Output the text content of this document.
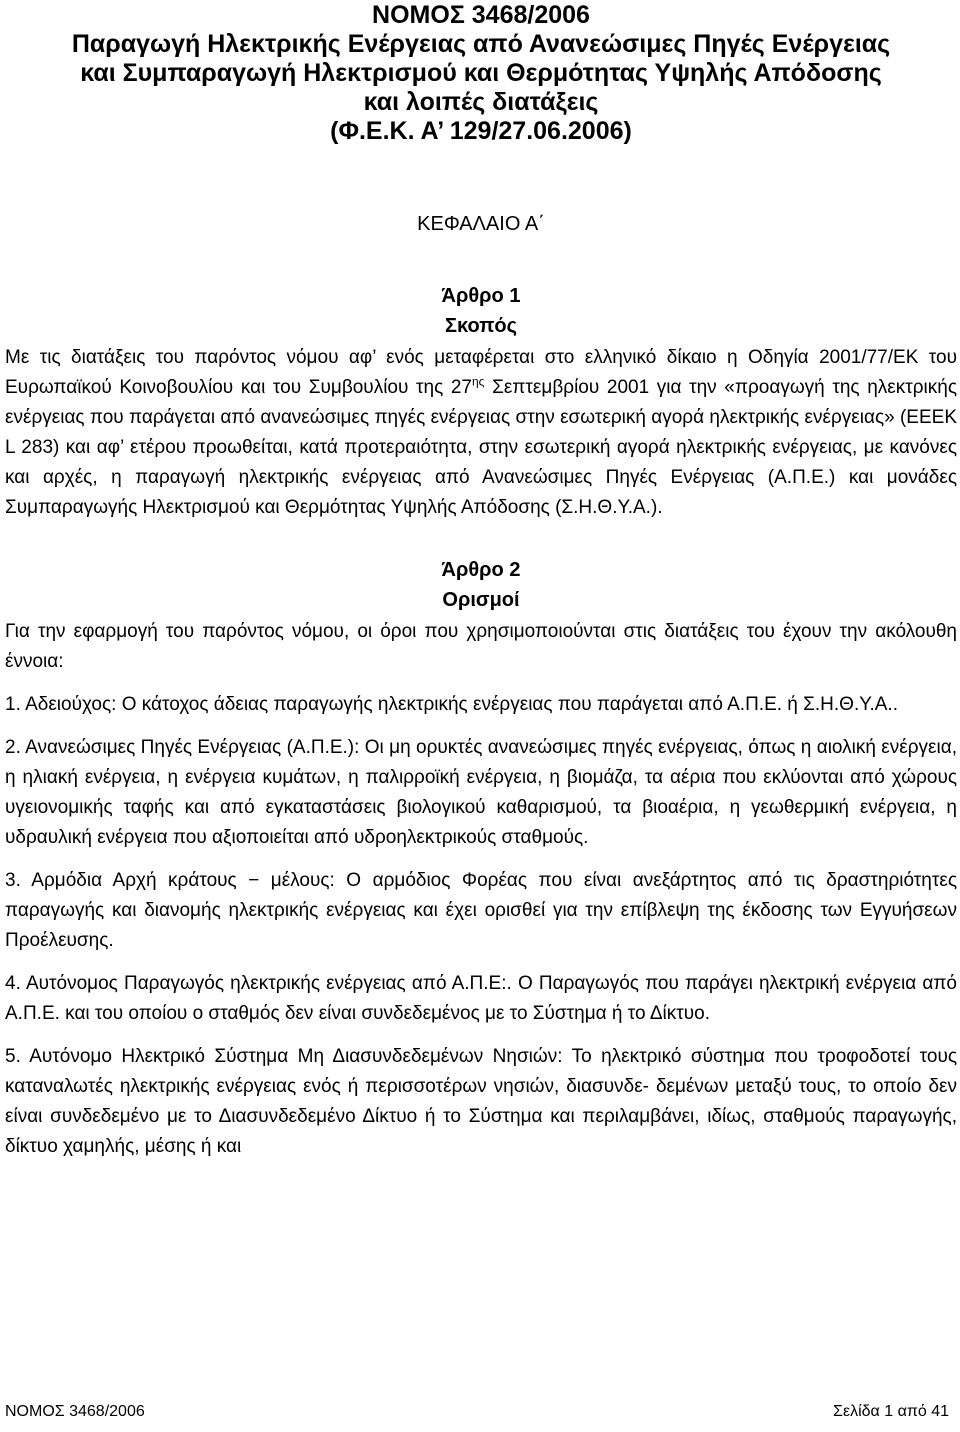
ΝΟΜΟΣ 3468/2006
Παραγωγή Ηλεκτρικής Ενέργειας από Ανανεώσιμες Πηγές Ενέργειας
και Συμπαραγωγή Ηλεκτρισμού και Θερμότητας Υψηλής Απόδοσης
και λοιπές διατάξεις
(Φ.Ε.Κ. Α’ 129/27.06.2006)
ΚΕΦΑΛΑΙΟ Α΄
Άρθρο 1
Σκοπός

Με τις διατάξεις του παρόντος νόμου αφ’ ενός μεταφέρεται στο ελληνικό δίκαιο η Οδηγία 2001/77/ΕΚ του Ευρωπαϊκού Κοινοβουλίου και του Συμβουλίου της $27^{\eta\varsigma}$ Σεπτεμβρίου 2001 για την «προαγωγή της ηλεκτρικής ενέργειας που παράγεται από ανανεώσιμες πηγές ενέργειας στην εσωτερική αγορά ηλεκτρικής ενέργειας» (ΕΕΕΚ L 283) και αφ’ ετέρου προωθείται, κατά προτεραιότητα, στην εσωτερική αγορά ηλεκτρικής ενέργειας, με κανόνες και αρχές, η παραγωγή ηλεκτρικής ενέργειας από Ανανεώσιμες Πηγές Ενέργειας (Α.Π.Ε.) και μονάδες Συμπαραγωγής Ηλεκτρισμού και Θερμότητας Υψηλής Απόδοσης (Σ.Η.Θ.Υ.Α.).

Άρθρο 2
Ορισμοί

Για την εφαρμογή του παρόντος νόμου, οι όροι που χρησιμοποιούνται στις διατάξεις του έχουν την ακόλουθη έννοια:

1. Αδειούχος: Ο κάτοχος άδειας παραγωγής ηλεκτρικής ενέργειας που παράγεται από Α.Π.Ε. ή Σ.Η.Θ.Υ.Α..

2. Ανανεώσιμες Πηγές Ενέργειας (Α.Π.Ε.): Οι μη ορυκτές ανανεώσιμες πηγές ενέργειας, όπως η αιολική ενέργεια, η ηλιακή ενέργεια, η ενέργεια κυμάτων, η παλιρροϊκή ενέργεια, η βιομάζα, τα αέρια που εκλύονται από χώρους υγειονομικής ταφής και από εγκαταστάσεις βιολογικού καθαρισμού, τα βιοαέρια, η γεωθερμική ενέργεια, η υδραυλική ενέργεια που αξιοποιείται από υδροηλεκτρικούς σταθμούς.

3. Αρμόδια Αρχή κράτους − μέλους: Ο αρμόδιος Φορέας που είναι ανεξάρτητος από τις δραστηριότητες παραγωγής και διανομής ηλεκτρικής ενέργειας και έχει ορισθεί για την επίβλεψη της έκδοσης των Εγγυήσεων Προέλευσης.

4. Αυτόνομος Παραγωγός ηλεκτρικής ενέργειας από Α.Π.Ε:. Ο Παραγωγός που παράγει ηλεκτρική ενέργεια από Α.Π.Ε. και του οποίου ο σταθμός δεν είναι συνδεδεμένος με το Σύστημα ή το Δίκτυο.

5. Αυτόνομο Ηλεκτρικό Σύστημα Μη Διασυνδεδεμένων Νησιών: Το ηλεκτρικό σύστημα που τροφοδοτεί τους καταναλωτές ηλεκτρικής ενέργειας ενός ή περισσοτέρων νησιών, διασυνδε- δεμένων μεταξύ τους, το οποίο δεν είναι συνδεδεμένο με το Διασυνδεδεμένο Δίκτυο ή το Σύστημα και περιλαμβάνει, ιδίως, σταθμούς παραγωγής, δίκτυο χαμηλής, μέσης ή και

ΝΟΜΟΣ 3468/2006	Σελίδα 1 από 41
